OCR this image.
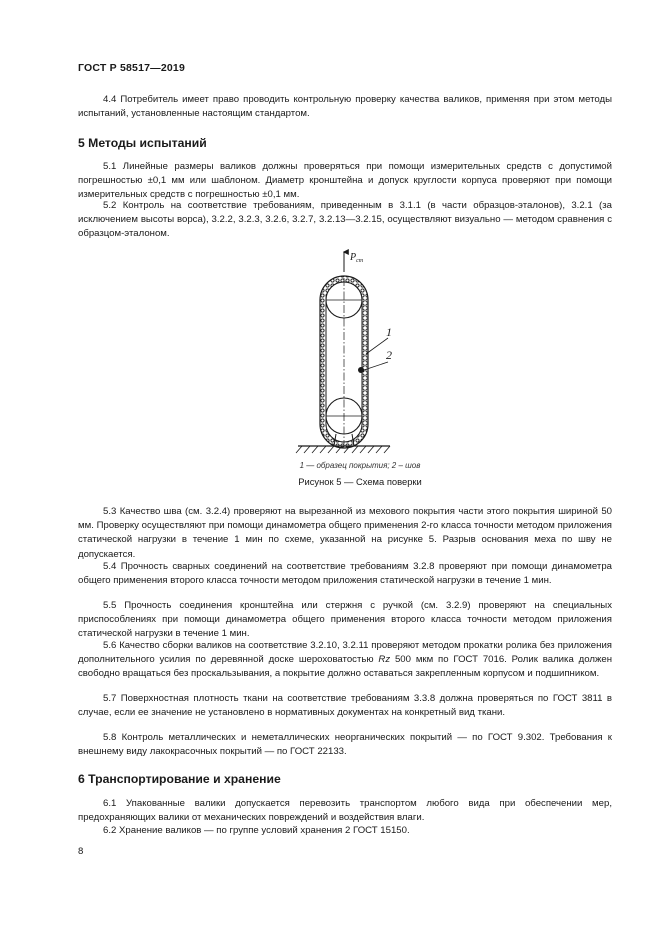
ГОСТ Р 58517—2019

4.4 Потребитель имеет право проводить контрольную проверку качества валиков, применяя при этом методы испытаний, установленные настоящим стандартом.

5 Методы испытаний

5.1 Линейные размеры валиков должны проверяться при помощи измерительных средств с допустимой погрешностью ±0,1 мм или шаблоном. Диаметр кронштейна и допуск круглости корпуса проверяют при помощи измерительных средств с погрешностью ±0,1 мм.

5.2 Контроль на соответствие требованиям, приведенным в 3.1.1 (в части образцов-эталонов), 3.2.1 (за исключением высоты ворса), 3.2.2, 3.2.3, 3.2.6, 3.2.7, 3.2.13—3.2.15, осуществляют визуально — методом сравнения с образцом-эталоном.

$P_{ст}$
1
2
1 — образец покрытия; 2 – шов
Рисунок 5 — Схема поверки

5.3 Качество шва (см. 3.2.4) проверяют на вырезанной из мехового покрытия части этого покрытия шириной 50 мм. Проверку осуществляют при помощи динамометра общего применения 2-го класса точности методом приложения статической нагрузки в течение 1 мин по схеме, указанной на рисунке 5. Разрыв основания меха по шву не допускается.

5.4 Прочность сварных соединений на соответствие требованиям 3.2.8 проверяют при помощи динамометра общего применения второго класса точности методом приложения статической нагрузки в течение 1 мин.

5.5 Прочность соединения кронштейна или стержня с ручкой (см. 3.2.9) проверяют на специальных приспособлениях при помощи динамометра общего применения второго класса точности методом приложения статической нагрузки в течение 1 мин.

5.6 Качество сборки валиков на соответствие 3.2.10, 3.2.11 проверяют методом прокатки ролика без приложения дополнительного усилия по деревянной доске шероховатостью Rz 500 мкм по ГОСТ 7016. Ролик валика должен свободно вращаться без проскальзывания, а покрытие должно оставаться закрепленным корпусом и подшипником.

5.7 Поверхностная плотность ткани на соответствие требованиям 3.3.8 должна проверяться по ГОСТ 3811 в случае, если ее значение не установлено в нормативных документах на конкретный вид ткани.

5.8 Контроль металлических и неметаллических неорганических покрытий — по ГОСТ 9.302. Требования к внешнему виду лакокрасочных покрытий — по ГОСТ 22133.

6 Транспортирование и хранение

6.1 Упакованные валики допускается перевозить транспортом любого вида при обеспечении мер, предохраняющих валики от механических повреждений и воздействия влаги.

6.2 Хранение валиков — по группе условий хранения 2 ГОСТ 15150.

8
